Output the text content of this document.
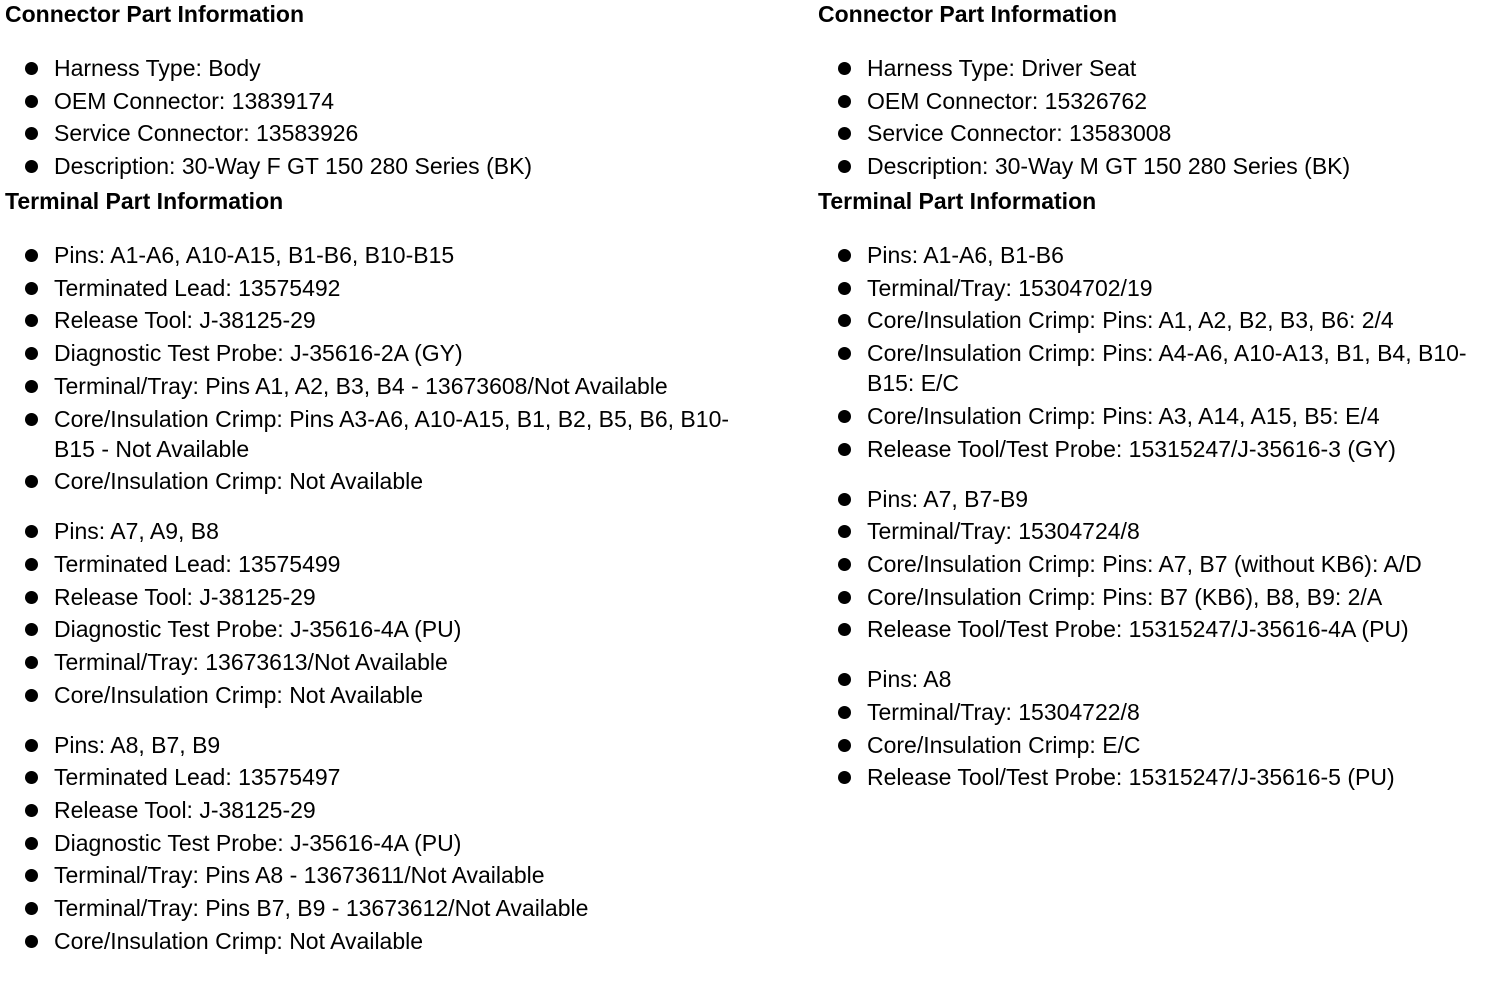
Connector Part Information
Harness Type: Body
OEM Connector: 13839174
Service Connector: 13583926
Description: 30-Way F GT 150 280 Series (BK)
Terminal Part Information
Pins: A1-A6, A10-A15, B1-B6, B10-B15
Terminated Lead: 13575492
Release Tool: J-38125-29
Diagnostic Test Probe: J-35616-2A (GY)
Terminal/Tray: Pins A1, A2, B3, B4 - 13673608/Not Available
Core/Insulation Crimp: Pins A3-A6, A10-A15, B1, B2, B5, B6, B10-B15 - Not Available
Core/Insulation Crimp: Not Available
Pins: A7, A9, B8
Terminated Lead: 13575499
Release Tool: J-38125-29
Diagnostic Test Probe: J-35616-4A (PU)
Terminal/Tray: 13673613/Not Available
Core/Insulation Crimp: Not Available
Pins: A8, B7, B9
Terminated Lead: 13575497
Release Tool: J-38125-29
Diagnostic Test Probe: J-35616-4A (PU)
Terminal/Tray: Pins A8 - 13673611/Not Available
Terminal/Tray: Pins B7, B9 - 13673612/Not Available
Core/Insulation Crimp: Not Available
Connector Part Information
Harness Type: Driver Seat
OEM Connector: 15326762
Service Connector: 13583008
Description: 30-Way M GT 150 280 Series (BK)
Terminal Part Information
Pins: A1-A6, B1-B6
Terminal/Tray: 15304702/19
Core/Insulation Crimp: Pins: A1, A2, B2, B3, B6: 2/4
Core/Insulation Crimp: Pins: A4-A6, A10-A13, B1, B4, B10-B15: E/C
Core/Insulation Crimp: Pins: A3, A14, A15, B5: E/4
Release Tool/Test Probe: 15315247/J-35616-3 (GY)
Pins: A7, B7-B9
Terminal/Tray: 15304724/8
Core/Insulation Crimp: Pins: A7, B7 (without KB6): A/D
Core/Insulation Crimp: Pins: B7 (KB6), B8, B9: 2/A
Release Tool/Test Probe: 15315247/J-35616-4A (PU)
Pins: A8
Terminal/Tray: 15304722/8
Core/Insulation Crimp: E/C
Release Tool/Test Probe: 15315247/J-35616-5 (PU)
